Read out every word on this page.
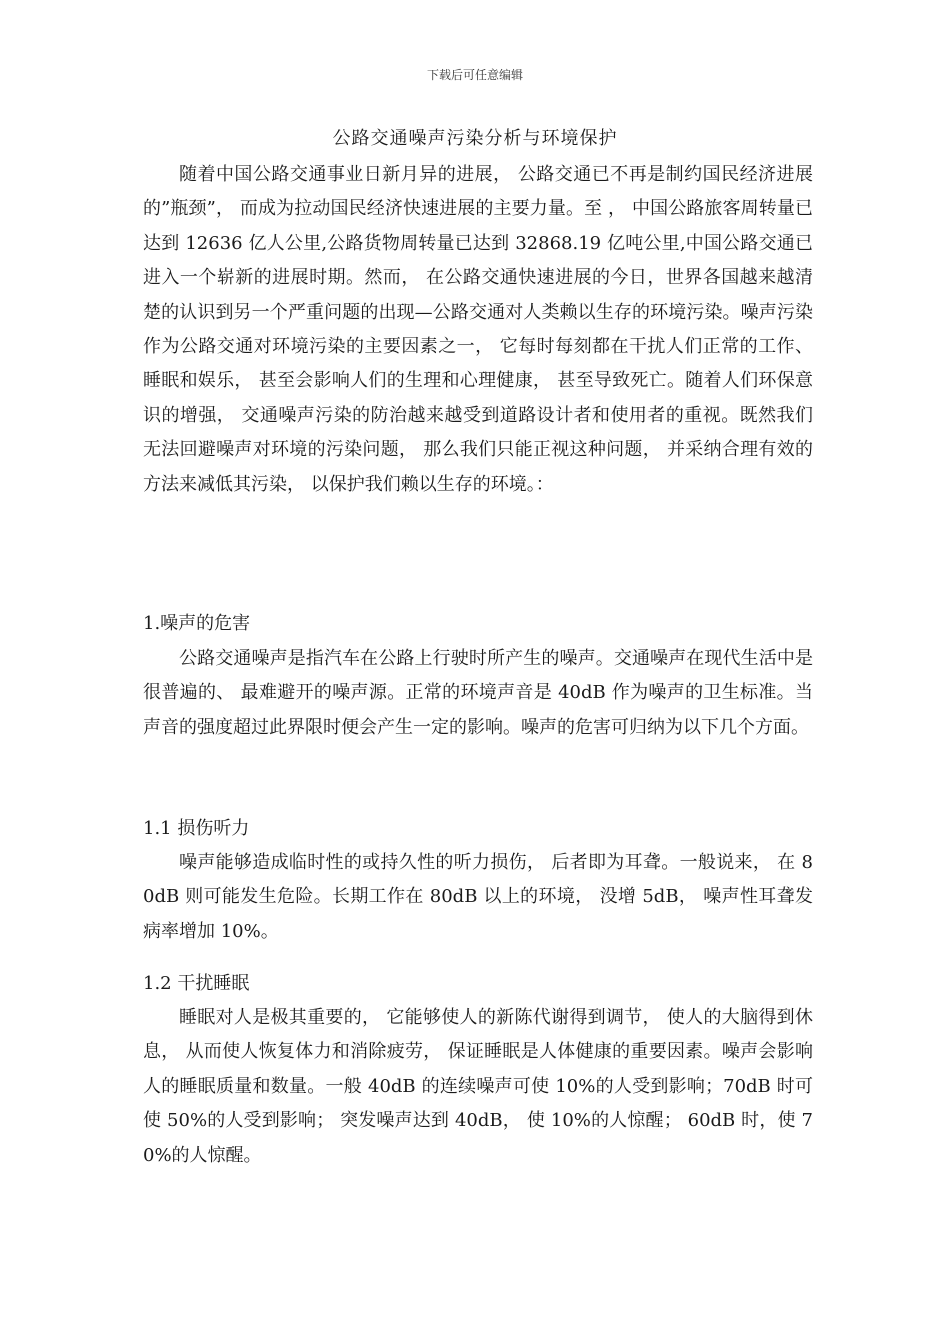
下载后可任意编辑
公路交通噪声污染分析与环境保护

随着中国公路交通事业日新月异的进展， 公路交通已不再是制约国民经济进展的”瓶颈”， 而成为拉动国民经济快速进展的主要力量。至 ， 中国公路旅客周转量已达到 12636 亿人公里,公路货物周转量已达到 32868.19 亿吨公里,中国公路交通已进入一个崭新的进展时期。然而， 在公路交通快速进展的今日，世界各国越来越清楚的认识到另一个严重问题的出现—公路交通对人类赖以生存的环境污染。噪声污染作为公路交通对环境污染的主要因素之一， 它每时每刻都在干扰人们正常的工作、 睡眠和娱乐， 甚至会影响人们的生理和心理健康， 甚至导致死亡。随着人们环保意识的增强， 交通噪声污染的防治越来越受到道路设计者和使用者的重视。既然我们无法回避噪声对环境的污染问题， 那么我们只能正视这种问题， 并采纳合理有效的方法来减低其污染， 以保护我们赖以生存的环境。：

1.噪声的危害

公路交通噪声是指汽车在公路上行驶时所产生的噪声。交通噪声在现代生活中是很普遍的、 最难避开的噪声源。正常的环境声音是 40dB 作为噪声的卫生标准。当声音的强度超过此界限时便会产生一定的影响。噪声的危害可归纳为以下几个方面。

1.1 损伤听力

噪声能够造成临时性的或持久性的听力损伤， 后者即为耳聋。一般说来， 在 80dB 则可能发生危险。长期工作在 80dB 以上的环境， 没增 5dB， 噪声性耳聋发病率增加 10%。

1.2 干扰睡眠

睡眠对人是极其重要的， 它能够使人的新陈代谢得到调节， 使人的大脑得到休息， 从而使人恢复体力和消除疲劳， 保证睡眠是人体健康的重要因素。噪声会影响人的睡眠质量和数量。一般 40dB 的连续噪声可使 10%的人受到影响；70dB 时可使 50%的人受到影响； 突发噪声达到 40dB， 使 10%的人惊醒； 60dB 时，使 70%的人惊醒。
